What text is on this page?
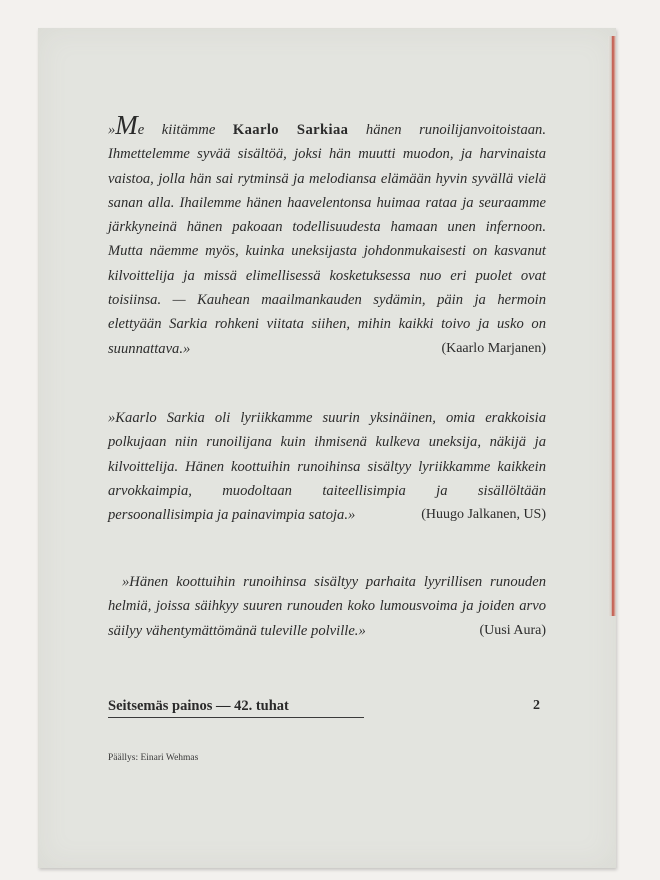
»Me kiitämme Kaarlo Sarkiaa hänen runoilijanvoitoistaan. Ihmettelemme syvää sisältöä, joksi hän muutti muodon, ja harvinaista vaistoa, jolla hän sai rytminsä ja melodiansa elämään hyvin syvällä vielä sanan alla. Ihailemme hänen haavelentonsa huimaa rataa ja seuraamme järkkyneinä hänen pakoaan todellisuudesta hamaan unen infernoon. Mutta näemme myös, kuinka uneksijasta johdonmukaisesti on kasvanut kilvoittelija ja missä elimellisessä kosketuksessa nuo eri puolet ovat toisiinsa. — Kauhean maailmankauden sydämin, päin ja hermoin elettyään Sarkia rohkeni viitata siihen, mihin kaikki toivo ja usko on suunnattava.»	(Kaarlo Marjanen)

»Kaarlo Sarkia oli lyriikkamme suurin yksinäinen, omia erakkoisia polkujaan niin runoilijana kuin ihmisenä kulkeva uneksija, näkijä ja kilvoittelija. Hänen koottuihin runoihinsa sisältyy lyriikkamme kaikkein arvokkaimpia, muodoltaan taiteellisimpia ja sisällöltään persoonallisimpia ja painavimpia satoja.»	(Huugo Jalkanen, US)

»Hänen koottuihin runoihinsa sisältyy parhaita lyyrillisen runouden helmiä, joissa säihkyy suuren runouden koko lumousvoima ja joiden arvo säilyy vähentymättömänä tuleville polville.»	(Uusi Aura)

Seitsemäs painos — 42. tuhat	2
Päällys: Einari Wehmas
